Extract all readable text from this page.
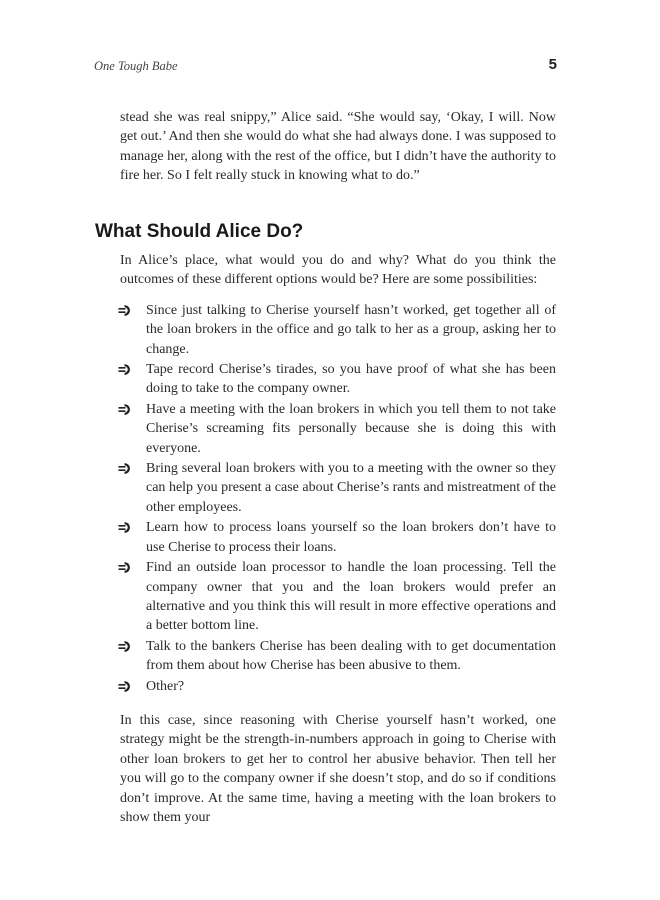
One Tough Babe	5

stead she was real snippy,” Alice said. “She would say, ‘Okay, I will. Now get out.’ And then she would do what she had always done. I was supposed to manage her, along with the rest of the office, but I didn’t have the authority to fire her. So I felt really stuck in knowing what to do.”

What Should Alice Do?

In Alice’s place, what would you do and why? What do you think the outcomes of these different options would be? Here are some possibilities:

Since just talking to Cherise yourself hasn’t worked, get together all of the loan brokers in the office and go talk to her as a group, asking her to change.
Tape record Cherise’s tirades, so you have proof of what she has been doing to take to the company owner.
Have a meeting with the loan brokers in which you tell them to not take Cherise’s screaming fits personally because she is doing this with everyone.
Bring several loan brokers with you to a meeting with the owner so they can help you present a case about Cherise’s rants and mistreatment of the other employees.
Learn how to process loans yourself so the loan brokers don’t have to use Cherise to process their loans.
Find an outside loan processor to handle the loan processing. Tell the company owner that you and the loan brokers would prefer an alternative and you think this will result in more effective operations and a better bottom line.
Talk to the bankers Cherise has been dealing with to get documentation from them about how Cherise has been abusive to them.
Other?

In this case, since reasoning with Cherise yourself hasn’t worked, one strategy might be the strength-in-numbers approach in going to Cherise with other loan brokers to get her to control her abusive behavior. Then tell her you will go to the company owner if she doesn’t stop, and do so if conditions don’t improve. At the same time, having a meeting with the loan brokers to show them your
